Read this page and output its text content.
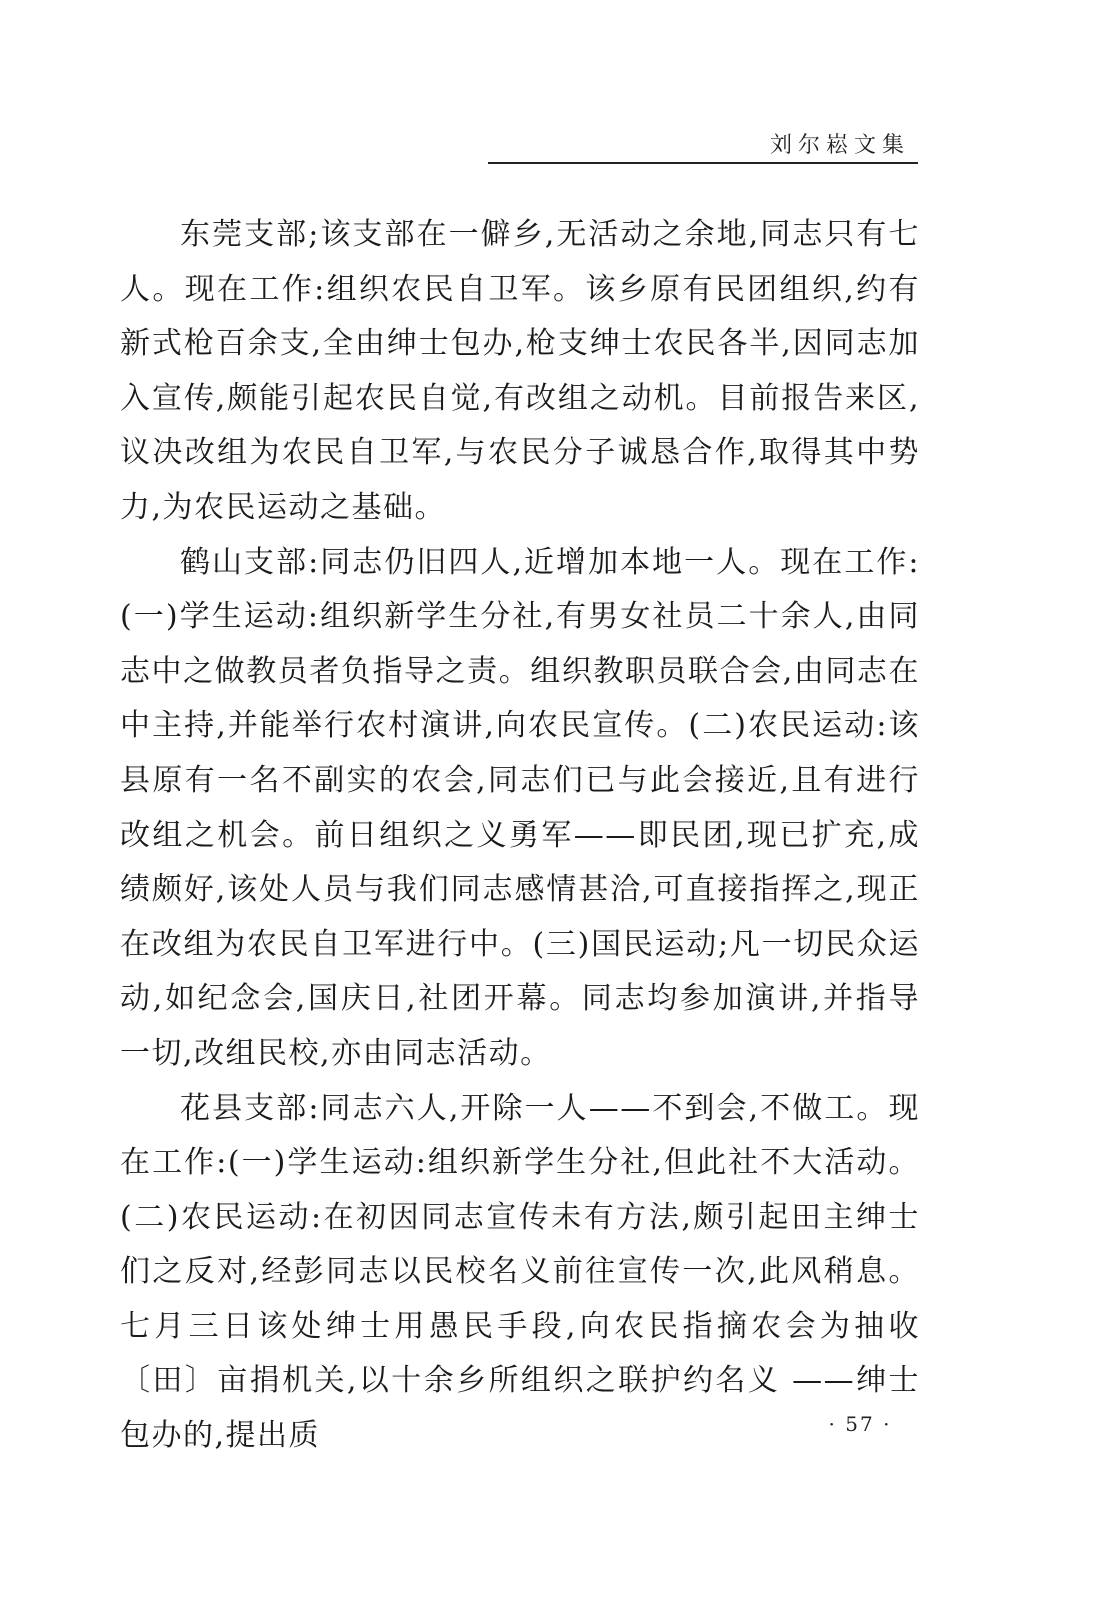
刘尔崧文集

东莞支部;该支部在一僻乡,无活动之余地,同志只有七人。现在工作:组织农民自卫军。该乡原有民团组织,约有新式枪百余支,全由绅士包办,枪支绅士农民各半,因同志加入宣传,颇能引起农民自觉,有改组之动机。目前报告来区,议决改组为农民自卫军,与农民分子诚恳合作,取得其中势力,为农民运动之基础。

鹤山支部:同志仍旧四人,近增加本地一人。现在工作:(一)学生运动:组织新学生分社,有男女社员二十余人,由同志中之做教员者负指导之责。组织教职员联合会,由同志在中主持,并能举行农村演讲,向农民宣传。(二)农民运动:该县原有一名不副实的农会,同志们已与此会接近,且有进行改组之机会。前日组织之义勇军——即民团,现已扩充,成绩颇好,该处人员与我们同志感情甚洽,可直接指挥之,现正在改组为农民自卫军进行中。(三)国民运动;凡一切民众运动,如纪念会,国庆日,社团开幕。同志均参加演讲,并指导一切,改组民校,亦由同志活动。

花县支部:同志六人,开除一人——不到会,不做工。现在工作:(一)学生运动:组织新学生分社,但此社不大活动。(二)农民运动:在初因同志宣传未有方法,颇引起田主绅士们之反对,经彭同志以民校名义前往宣传一次,此风稍息。七月三日该处绅士用愚民手段,向农民指摘农会为抽收〔田〕亩捐机关,以十余乡所组织之联护约名义 ——绅士包办的,提出质	· 57 ·
